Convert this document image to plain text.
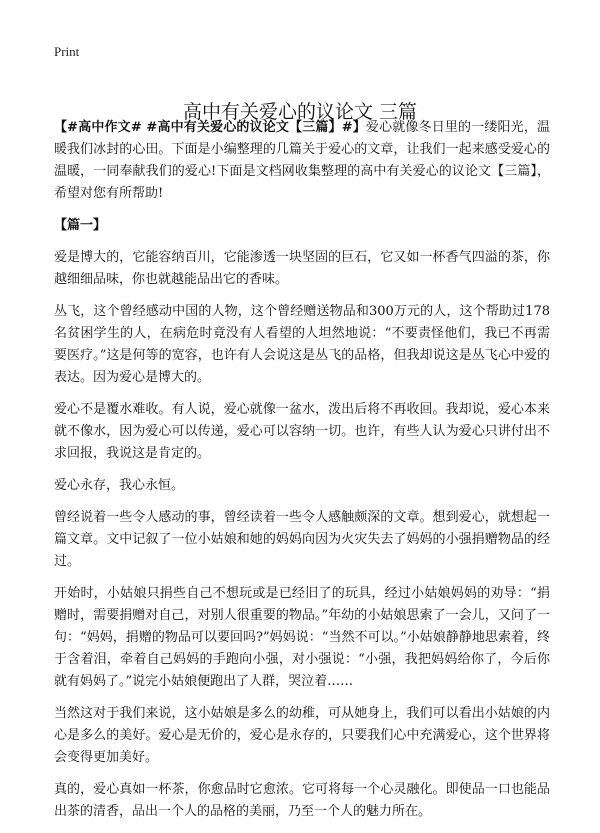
Print
高中有关爱心的议论文 三篇

【#高中作文# #高中有关爱心的议论文【三篇】#】爱心就像冬日里的一缕阳光，温暖我们冰封的心田。下面是小编整理的几篇关于爱心的文章，让我们一起来感受爱心的温暖，一同奉献我们的爱心!下面是文档网收集整理的高中有关爱心的议论文【三篇】，希望对您有所帮助!

【篇一】

爱是博大的，它能容纳百川，它能渗透一块坚固的巨石，它又如一杯香气四溢的茶，你越细细品味，你也就越能品出它的香味。

丛飞，这个曾经感动中国的人物，这个曾经赠送物品和300万元的人，这个帮助过178名贫困学生的人，在病危时竟没有人看望的人坦然地说：“不要责怪他们，我已不再需要医疗。”这是何等的宽容，也许有人会说这是丛飞的品格，但我却说这是丛飞心中爱的表达。因为爱心是博大的。

爱心不是覆水难收。有人说，爱心就像一盆水，泼出后将不再收回。我却说，爱心本来就不像水，因为爱心可以传递，爱心可以容纳一切。也许，有些人认为爱心只讲付出不求回报，我说这是肯定的。

爱心永存，我心永恒。

曾经说着一些令人感动的事，曾经读着一些令人感触颇深的文章。想到爱心，就想起一篇文章。文中记叙了一位小姑娘和她的妈妈向因为火灾失去了妈妈的小强捐赠物品的经过。

开始时，小姑娘只捐些自己不想玩或是已经旧了的玩具，经过小姑娘妈妈的劝导：“捐赠时，需要捐赠对自己，对别人很重要的物品。”年幼的小姑娘思索了一会儿，又问了一句：“妈妈，捐赠的物品可以要回吗?”妈妈说：“当然不可以。”小姑娘静静地思索着，终于含着泪，牵着自己妈妈的手跑向小强，对小强说：“小强，我把妈妈给你了，今后你就有妈妈了。”说完小姑娘便跑出了人群，哭泣着……

当然这对于我们来说，这小姑娘是多么的幼稚，可从她身上，我们可以看出小姑娘的内心是多么的美好。爱心是无价的，爱心是永存的，只要我们心中充满爱心，这个世界将会变得更加美好。

真的，爱心真如一杯茶，你愈品时它愈浓。它可将每一个心灵融化。即使品一口也能品出茶的清香，品出一个人的品格的美丽，乃至一个人的魅力所在。
